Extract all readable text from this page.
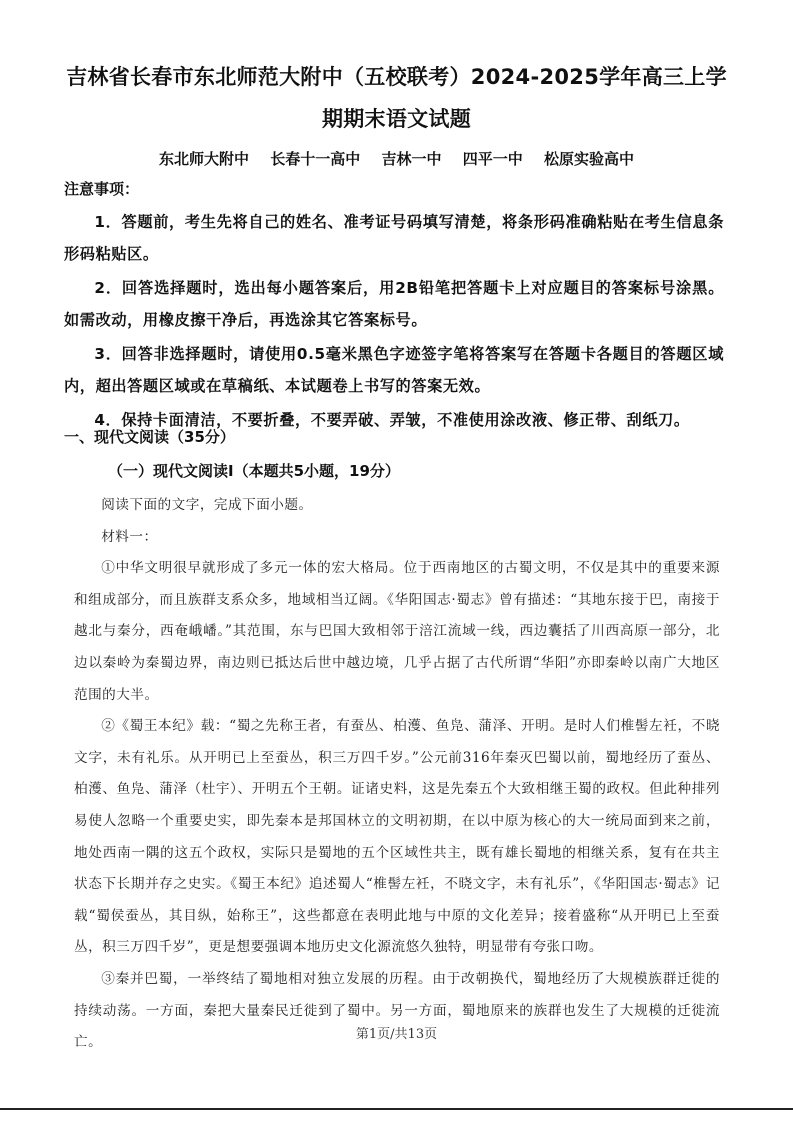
吉林省长春市东北师范大附中（五校联考）2024-2025学年高三上学
期期末语文试题
东北师大附中 长春十一高中 吉林一中 四平一中 松原实验高中
注意事项：

1．答题前，考生先将自己的姓名、准考证号码填写清楚，将条形码准确粘贴在考生信息条形码粘贴区。

2．回答选择题时，选出每小题答案后，用2B铅笔把答题卡上对应题目的答案标号涂黑。如需改动，用橡皮擦干净后，再选涂其它答案标号。

3．回答非选择题时，请使用0.5毫米黑色字迹签字笔将答案写在答题卡各题目的答题区域内，超出答题区域或在草稿纸、本试题卷上书写的答案无效。

4．保持卡面清洁，不要折叠，不要弄破、弄皱，不准使用涂改液、修正带、刮纸刀。

一、现代文阅读（35分）
（一）现代文阅读Ⅰ（本题共5小题，19分）

阅读下面的文字，完成下面小题。

材料一：

①中华文明很早就形成了多元一体的宏大格局。位于西南地区的古蜀文明，不仅是其中的重要来源和组成部分，而且族群支系众多，地域相当辽阔。《华阳国志·蜀志》曾有描述：“其地东接于巴，南接于越北与秦分，西奄峨嶓。”其范围，东与巴国大致相邻于涪江流域一线，西边囊括了川西高原一部分，北边以秦岭为秦蜀边界，南边则已抵达后世中越边境，几乎占据了古代所谓“华阳”亦即秦岭以南广大地区范围的大半。

②《蜀王本纪》载：“蜀之先称王者，有蚕丛、柏濩、鱼凫、蒲泽、开明。是时人们椎髻左衽，不晓文字，未有礼乐。从开明已上至蚕丛，积三万四千岁。”公元前316年秦灭巴蜀以前，蜀地经历了蚕丛、柏濩、鱼凫、蒲泽（杜宇）、开明五个王朝。证诸史料，这是先秦五个大致相继王蜀的政权。但此种排列易使人忽略一个重要史实，即先秦本是邦国林立的文明初期，在以中原为核心的大一统局面到来之前，地处西南一隅的这五个政权，实际只是蜀地的五个区域性共主，既有雄长蜀地的相继关系，复有在共主状态下长期并存之史实。《蜀王本纪》追述蜀人“椎髻左衽，不晓文字，未有礼乐”，《华阳国志·蜀志》记载“蜀侯蚕丛，其目纵，始称王”，这些都意在表明此地与中原的文化差异；接着盛称“从开明已上至蚕丛，积三万四千岁”，更是想要强调本地历史文化源流悠久独特，明显带有夸张口吻。

③秦并巴蜀，一举终结了蜀地相对独立发展的历程。由于改朝换代，蜀地经历了大规模族群迁徙的持续动荡。一方面，秦把大量秦民迁徙到了蜀中。另一方面，蜀地原来的族群也发生了大规模的迁徙流亡。	第1页/共13页
